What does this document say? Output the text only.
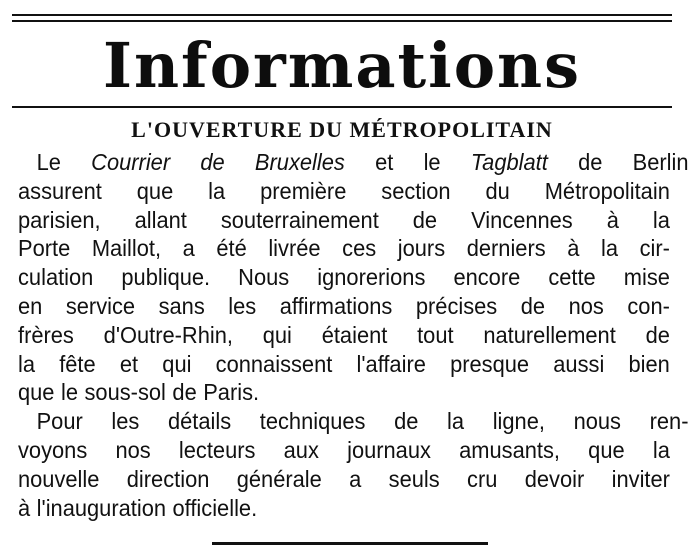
Informations
L'OUVERTURE DU MÉTROPOLITAIN
Le Courrier de Bruxelles et le Tagblatt de Berlin
assurent que la première section du Métropolitain
parisien, allant souterrainement de Vincennes à la
Porte Maillot, a été livrée ces jours derniers à la cir-
culation publique. Nous ignorerions encore cette mise
en service sans les affirmations précises de nos con-
frères d'Outre-Rhin, qui étaient tout naturellement de
la fête et qui connaissent l'affaire presque aussi bien
que le sous-sol de Paris.
Pour les détails techniques de la ligne, nous ren-
voyons nos lecteurs aux journaux amusants, que la
nouvelle direction générale a seuls cru devoir inviter
à l'inauguration officielle.
